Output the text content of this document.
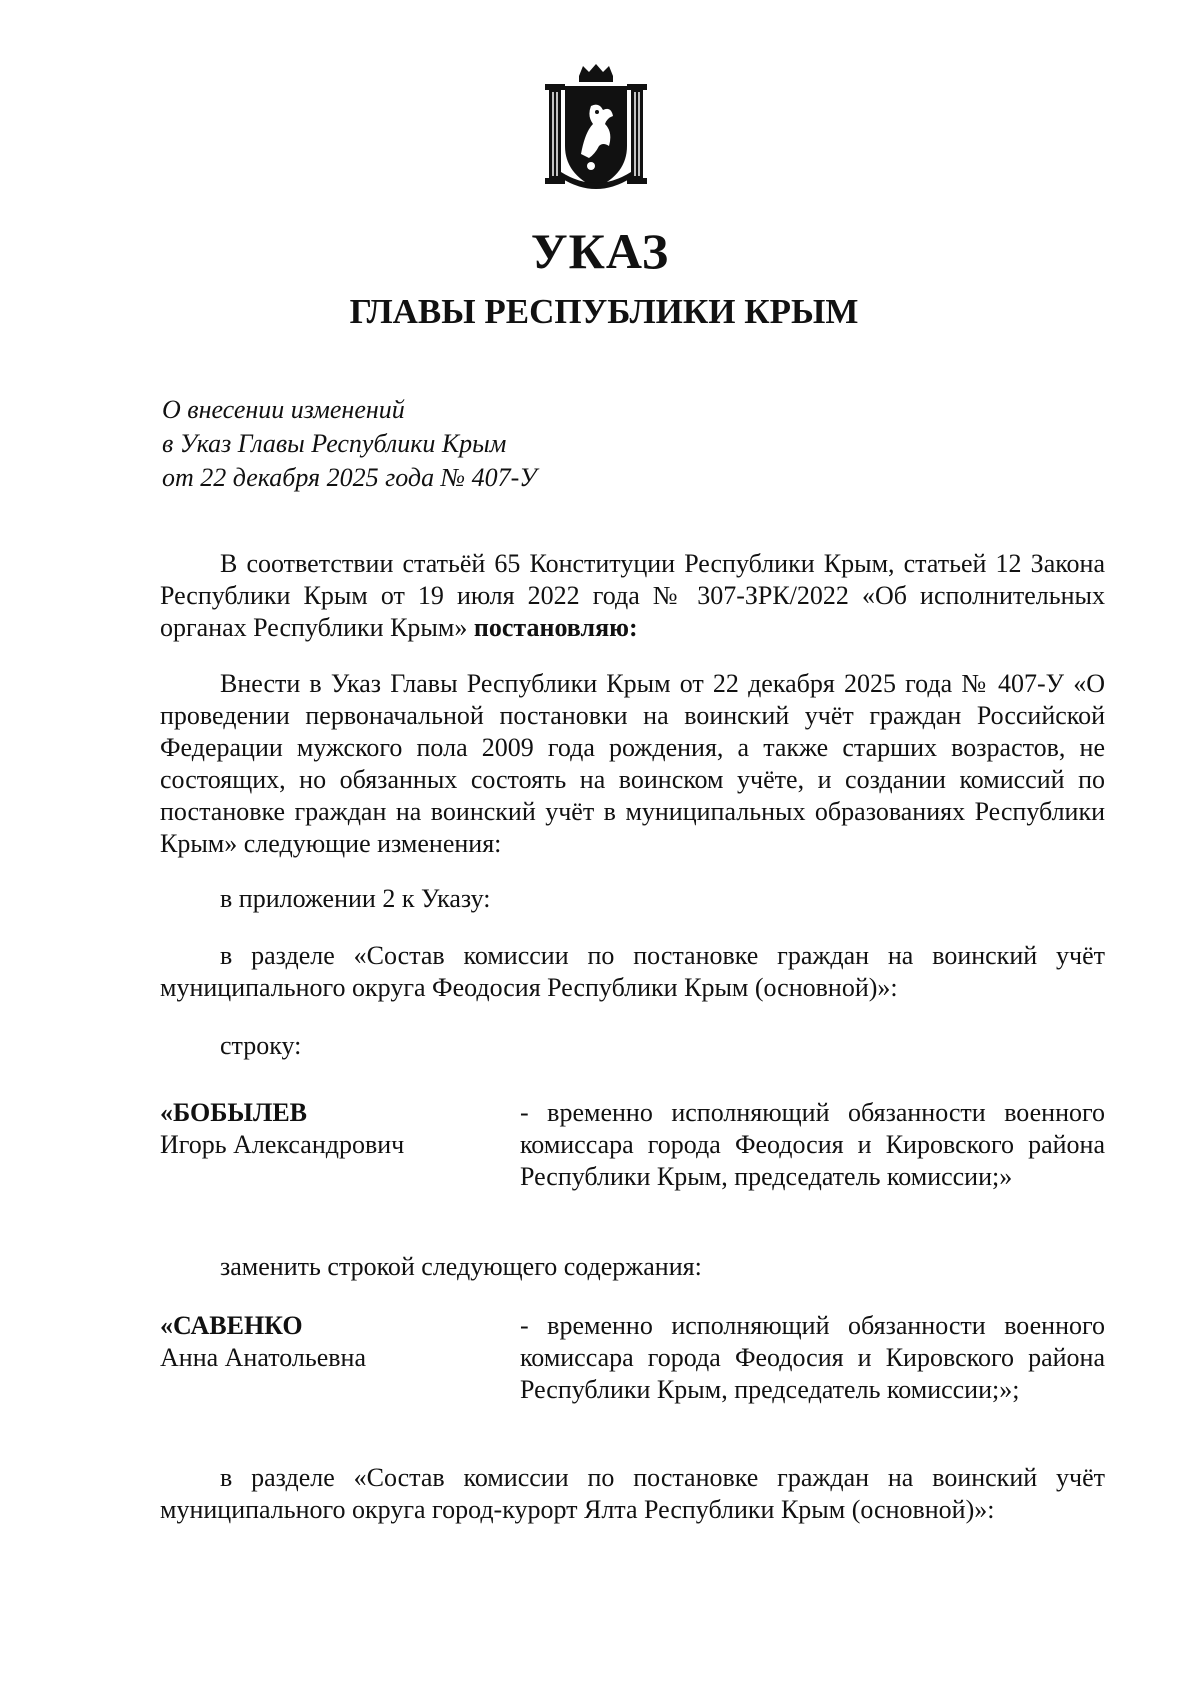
УКАЗ
ГЛАВЫ РЕСПУБЛИКИ КРЫМ
О внесении изменений
в Указ Главы Республики Крым
от 22 декабря 2025 года № 407-У

В соответствии статьёй 65 Конституции Республики Крым, статьей 12 Закона Республики Крым от 19 июля 2022 года № 307-ЗРК/2022 «Об исполнительных органах Республики Крым» постановляю:

Внести в Указ Главы Республики Крым от 22 декабря 2025 года № 407-У «О проведении первоначальной постановки на воинский учёт граждан Российской Федерации мужского пола 2009 года рождения, а также старших возрастов, не состоящих, но обязанных состоять на воинском учёте, и создании комиссий по постановке граждан на воинский учёт в муниципальных образованиях Республики Крым» следующие изменения:

в приложении 2 к Указу:

в разделе «Состав комиссии по постановке граждан на воинский учёт муниципального округа Феодосия Республики Крым (основной)»:

строку:

«БОБЫЛЕВ
Игорь Александрович
- временно исполняющий обязанности военного комиссара города Феодосия и Кировского района Республики Крым, председатель комиссии;»

заменить строкой следующего содержания:

«САВЕНКО
Анна Анатольевна
- временно исполняющий обязанности военного комиссара города Феодосия и Кировского района Республики Крым, председатель комиссии;»;

в разделе «Состав комиссии по постановке граждан на воинский учёт муниципального округа город-курорт Ялта Республики Крым (основной)»:
